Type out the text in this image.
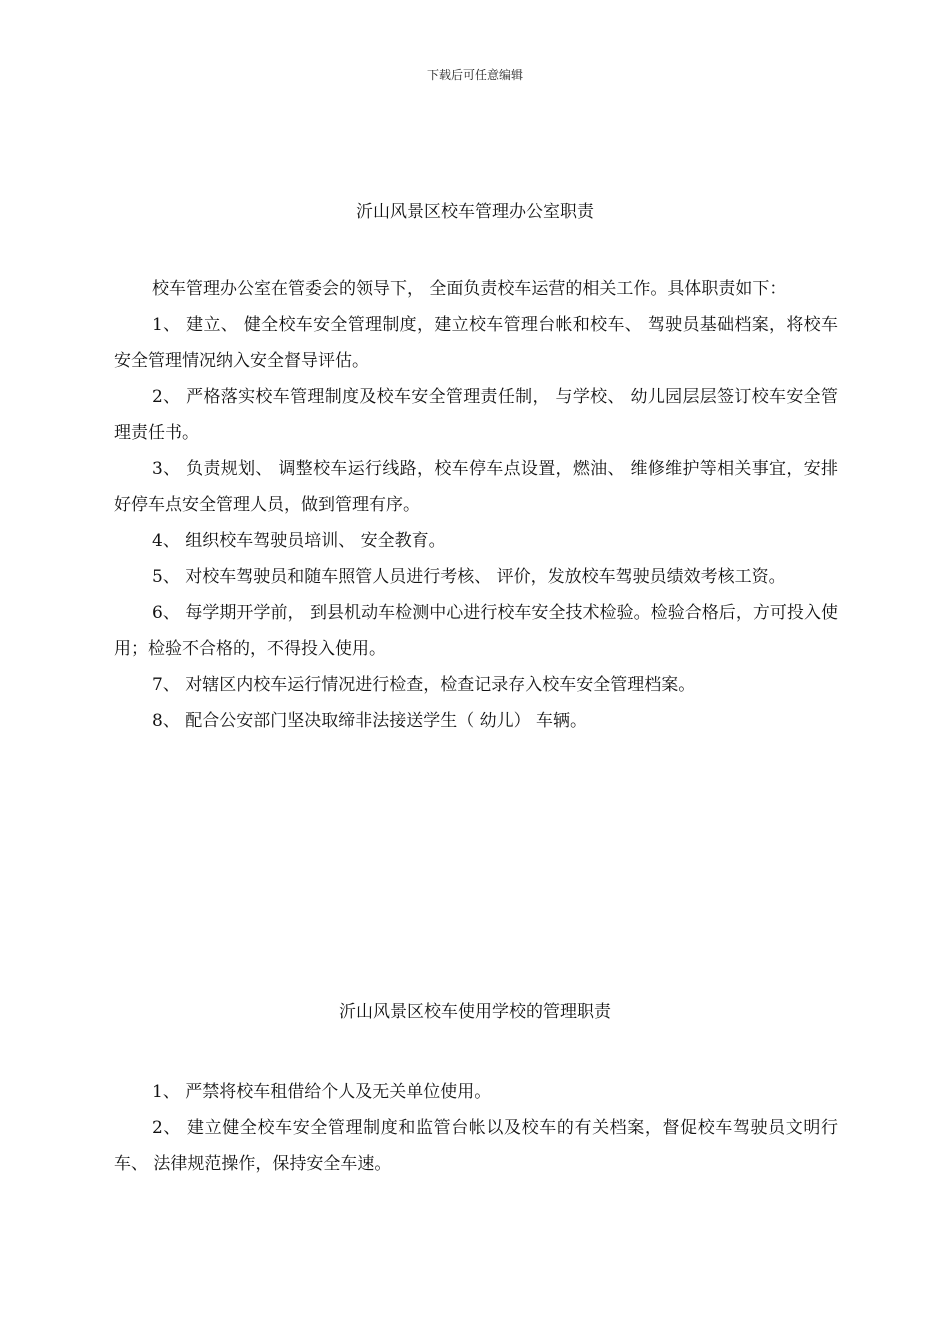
下载后可任意编辑
沂山风景区校车管理办公室职责

校车管理办公室在管委会的领导下， 全面负责校车运营的相关工作。具体职责如下：

1、 建立、 健全校车安全管理制度，建立校车管理台帐和校车、 驾驶员基础档案，将校车安全管理情况纳入安全督导评估。

2、 严格落实校车管理制度及校车安全管理责任制， 与学校、 幼儿园层层签订校车安全管理责任书。

3、 负责规划、 调整校车运行线路，校车停车点设置，燃油、 维修维护等相关事宜，安排好停车点安全管理人员，做到管理有序。

4、 组织校车驾驶员培训、 安全教育。

5、 对校车驾驶员和随车照管人员进行考核、 评价，发放校车驾驶员绩效考核工资。

6、 每学期开学前， 到县机动车检测中心进行校车安全技术检验。检验合格后，方可投入使用；检验不合格的，不得投入使用。

7、 对辖区内校车运行情况进行检查，检查记录存入校车安全管理档案。

8、 配合公安部门坚决取缔非法接送学生（ 幼儿） 车辆。

沂山风景区校车使用学校的管理职责

1、 严禁将校车租借给个人及无关单位使用。

2、 建立健全校车安全管理制度和监管台帐以及校车的有关档案，督促校车驾驶员文明行车、 法律规范操作，保持安全车速。
